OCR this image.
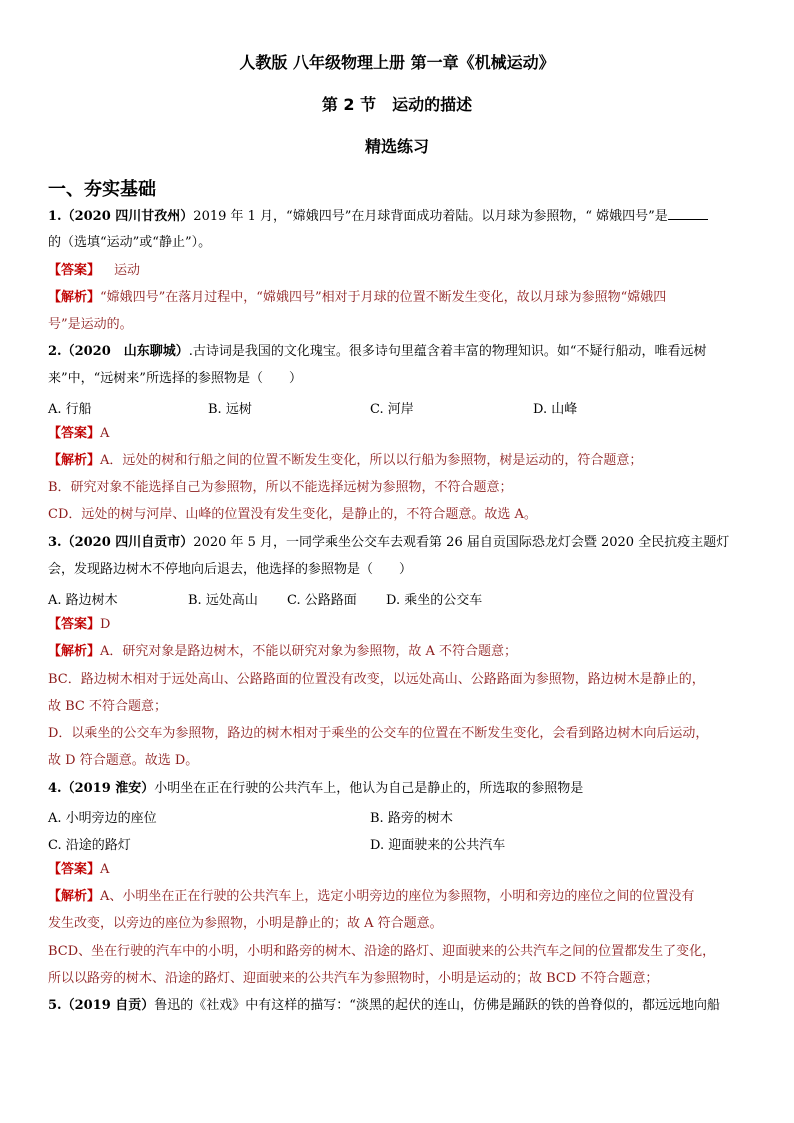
人教版 八年级物理上册 第一章《机械运动》
第 2 节　运动的描述
精选练习
一、夯实基础
1.（2020 四川甘孜州）2019 年 1 月，“嫦娥四号”在月球背面成功着陆。以月球为参照物，“ 嫦娥四号”是
的（选填“运动”或“静止”）。
【答案】 运动
【解析】“嫦娥四号”在落月过程中，“嫦娥四号”相对于月球的位置不断发生变化，故以月球为参照物“嫦娥四
号”是运动的。
2.（2020　山东聊城）.古诗词是我国的文化瑰宝。很多诗句里蕴含着丰富的物理知识。如“不疑行船动，唯看远树
来”中，“远树来”所选择的参照物是（　　）
A. 行船	B. 远树	C. 河岸	D. 山峰
【答案】A
【解析】A．远处的树和行船之间的位置不断发生变化，所以以行船为参照物，树是运动的，符合题意；
B．研究对象不能选择自己为参照物，所以不能选择远树为参照物，不符合题意；
CD．远处的树与河岸、山峰的位置没有发生变化，是静止的，不符合题意。故选 A。
3.（2020 四川自贡市）2020 年 5 月，一同学乘坐公交车去观看第 26 届自贡国际恐龙灯会暨 2020 全民抗疫主题灯
会，发现路边树木不停地向后退去，他选择的参照物是（　　）
A. 路边树木	B. 远处高山 C. 公路路面 D. 乘坐的公交车
【答案】D
【解析】A．研究对象是路边树木，不能以研究对象为参照物，故 A 不符合题意；
BC．路边树木相对于远处高山、公路路面的位置没有改变，以远处高山、公路路面为参照物，路边树木是静止的，
故 BC 不符合题意；
D．以乘坐的公交车为参照物，路边的树木相对于乘坐的公交车的位置在不断发生变化，会看到路边树木向后运动，
故 D 符合题意。故选 D。
4.（2019 淮安）小明坐在正在行驶的公共汽车上，他认为自己是静止的，所选取的参照物是
A. 小明旁边的座位	B. 路旁的树木
C. 沿途的路灯	D. 迎面驶来的公共汽车
【答案】A
【解析】A、小明坐在正在行驶的公共汽车上，选定小明旁边的座位为参照物，小明和旁边的座位之间的位置没有
发生改变，以旁边的座位为参照物，小明是静止的；故 A 符合题意。
BCD、坐在行驶的汽车中的小明，小明和路旁的树木、沿途的路灯、迎面驶来的公共汽车之间的位置都发生了变化，
所以以路旁的树木、沿途的路灯、迎面驶来的公共汽车为参照物时，小明是运动的；故 BCD 不符合题意；
5.（2019 自贡）鲁迅的《社戏》中有这样的描写：“淡黑的起伏的连山，仿佛是踊跃的铁的兽脊似的，都远远地向船
